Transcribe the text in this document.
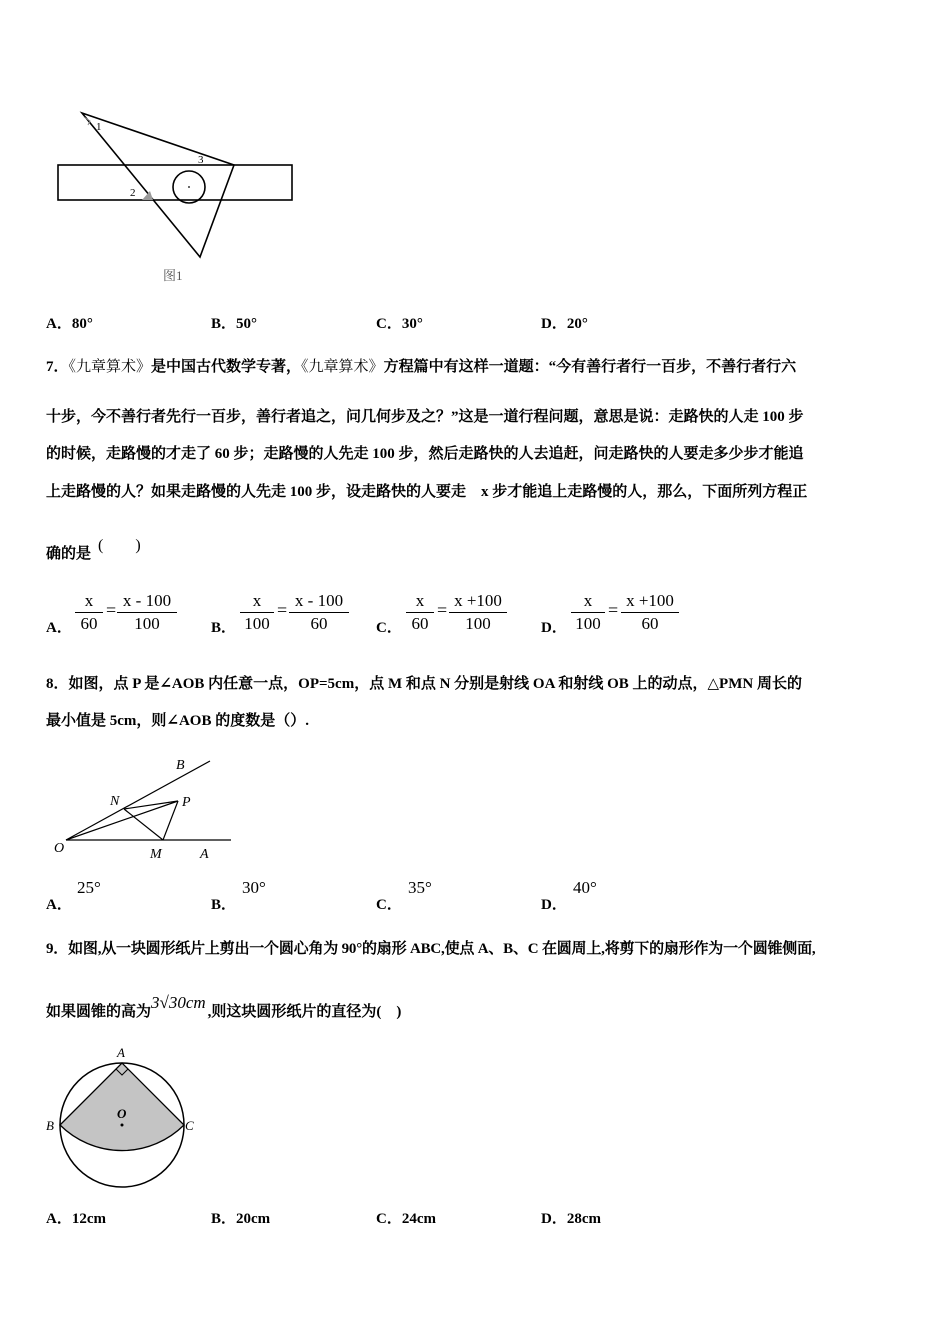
1
2
3
图1
A．80°	B．50°	C．30°	D．20°
7．《九章算术》是中国古代数学专著，《九章算术》方程篇中有这样一道题：“今有善行者行一百步，不善行者行六
十步，今不善行者先行一百步，善行者追之，问几何步及之？”这是一道行程问题，意思是说：走路快的人走 100 步
的时候，走路慢的才走了 60 步；走路慢的人先走 100 步，然后走路快的人去追赶，问走路快的人要走多少步才能追
上走路慢的人？如果走路慢的人先走 100 步，设走路快的人要走　x 步才能追上走路慢的人，那么，下面所列方程正
确的是 (　　)
A． $\frac{x}{60} = \frac{x - 100}{100}$ B． $\frac{x}{100} = \frac{x - 100}{60}$ C． $\frac{x}{60} = \frac{x +100}{100}$ D． $\frac{x}{100} = \frac{x +100}{60}$
8．如图，点 P 是∠AOB 内任意一点，OP=5cm，点 M 和点 N 分别是射线 OA 和射线 OB 上的动点，△PMN 周长的
最小值是 5cm，则∠AOB 的度数是（）.
B
N	P
O	M	A
A．
25°
B．
30°
C．
35°
D．
40°
9．如图,从一块圆形纸片上剪出一个圆心角为 90°的扇形 ABC,使点 A、B、C 在圆周上,将剪下的扇形作为一个圆锥侧面,
如果圆锥的高为3√30cm ,则这块圆形纸片的直径为(　)
A
B	C
O
A．12cm	B．20cm	C．24cm	D．28cm
